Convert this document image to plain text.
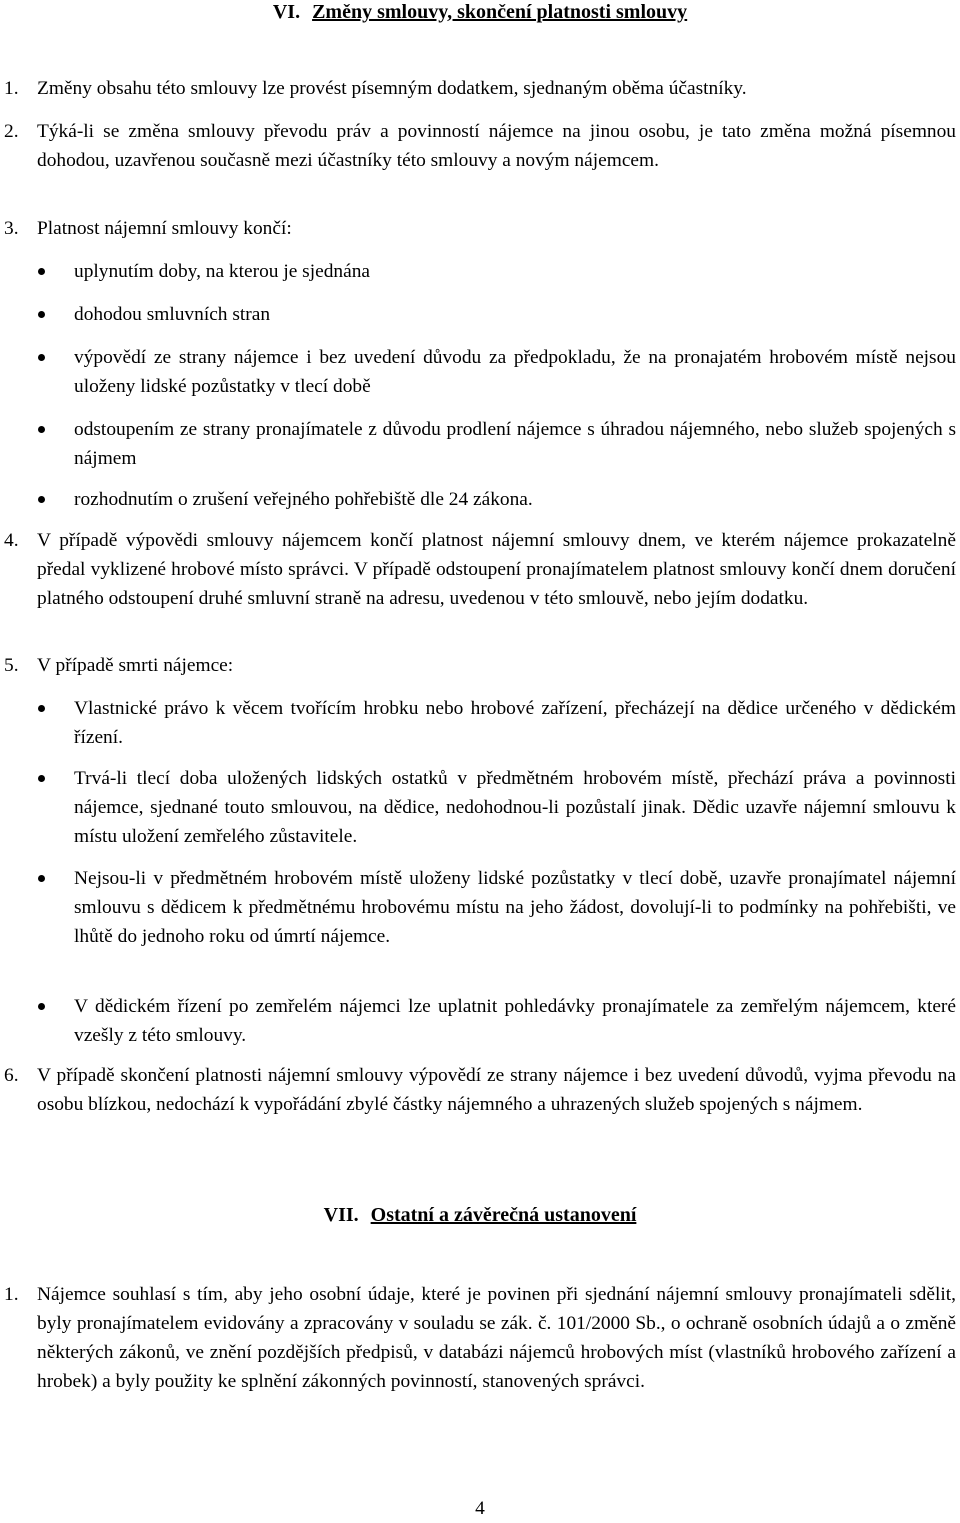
VI. Změny smlouvy, skončení platnosti smlouvy
1. Změny obsahu této smlouvy lze provést písemným dodatkem, sjednaným oběma účastníky.
2. Týká-li se změna smlouvy převodu práv a povinností nájemce na jinou osobu, je tato změna možná písemnou dohodou, uzavřenou současně mezi účastníky této smlouvy a novým nájemcem.
3. Platnost nájemní smlouvy končí:
uplynutím doby, na kterou je sjednána
dohodou smluvních stran
výpovědí ze strany nájemce i bez uvedení důvodu za předpokladu, že na pronajatém hrobovém místě nejsou uloženy lidské pozůstatky v tlecí době
odstoupením ze strany pronajímatele z důvodu prodlení nájemce s úhradou nájemného, nebo služeb spojených s nájmem
rozhodnutím o zrušení veřejného pohřebiště dle 24 zákona.
4. V případě výpovědi smlouvy nájemcem končí platnost nájemní smlouvy dnem, ve kterém nájemce prokazatelně předal vyklizené hrobové místo správci. V případě odstoupení pronajímatelem platnost smlouvy končí dnem doručení platného odstoupení druhé smluvní straně na adresu, uvedenou v této smlouvě, nebo jejím dodatku.
5. V případě smrti nájemce:
Vlastnické právo k věcem tvořícím hrobku nebo hrobové zařízení, přecházejí na dědice určeného v dědickém řízení.
Trvá-li tlecí doba uložených lidských ostatků v předmětném hrobovém místě, přechází práva a povinnosti nájemce, sjednané touto smlouvou, na dědice, nedohodnou-li pozůstalí jinak. Dědic uzavře nájemní smlouvu k místu uložení zemřelého zůstavitele.
Nejsou-li v předmětném hrobovém místě uloženy lidské pozůstatky v tlecí době, uzavře pronajímatel nájemní smlouvu s dědicem k předmětnému hrobovému místu na jeho žádost, dovolují-li to podmínky na pohřebišti, ve lhůtě do jednoho roku od úmrtí nájemce.
V dědickém řízení po zemřelém nájemci lze uplatnit pohledávky pronajímatele za zemřelým nájemcem, které vzešly z této smlouvy.
6. V případě skončení platnosti nájemní smlouvy výpovědí ze strany nájemce i bez uvedení důvodů, vyjma převodu na osobu blízkou, nedochází k vypořádání zbylé částky nájemného a uhrazených služeb spojených s nájmem.
VII. Ostatní a závěrečná ustanovení
1. Nájemce souhlasí s tím, aby jeho osobní údaje, které je povinen při sjednání nájemní smlouvy pronajímateli sdělit, byly pronajímatelem evidovány a zpracovány v souladu se zák. č. 101/2000 Sb., o ochraně osobních údajů a o změně některých zákonů, ve znění pozdějších předpisů, v databázi nájemců hrobových míst (vlastníků hrobového zařízení a hrobek) a byly použity ke splnění zákonných povinností, stanovených správci.
4
